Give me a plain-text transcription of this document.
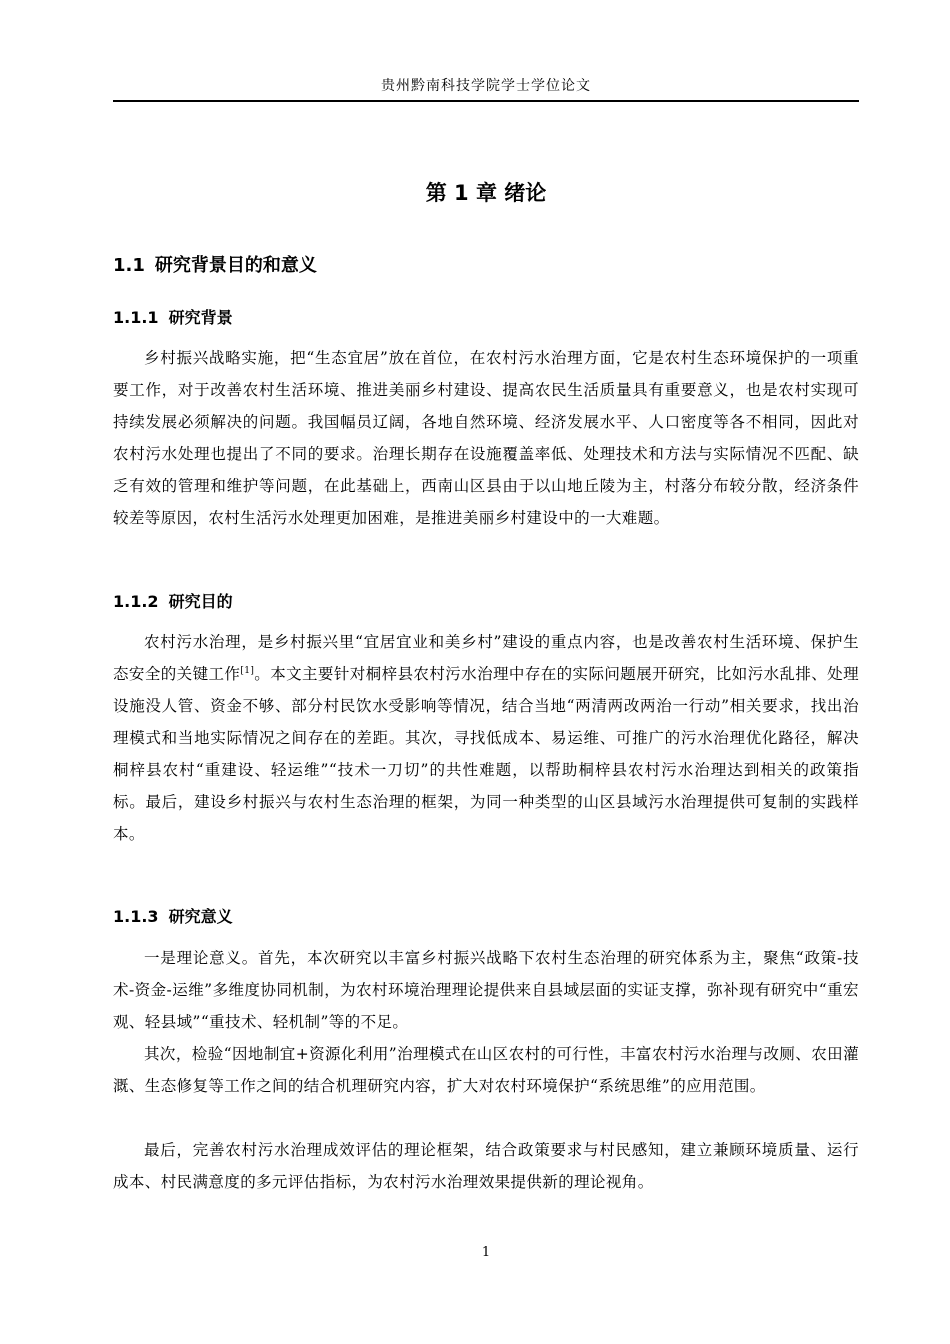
贵州黔南科技学院学士学位论文
第 1 章 绪论
1.1 研究背景目的和意义
1.1.1 研究背景

乡村振兴战略实施，把“生态宜居”放在首位，在农村污水治理方面，它是农村生态环境保护的一项重要工作，对于改善农村生活环境、推进美丽乡村建设、提高农民生活质量具有重要意义，也是农村实现可持续发展必须解决的问题。我国幅员辽阔，各地自然环境、经济发展水平、人口密度等各不相同，因此对农村污水处理也提出了不同的要求。治理长期存在设施覆盖率低、处理技术和方法与实际情况不匹配、缺乏有效的管理和维护等问题，在此基础上，西南山区县由于以山地丘陵为主，村落分布较分散，经济条件较差等原因，农村生活污水处理更加困难，是推进美丽乡村建设中的一大难题。

1.1.2 研究目的

农村污水治理，是乡村振兴里“宜居宜业和美乡村”建设的重点内容，也是改善农村生活环境、保护生态安全的关键工作[1]。本文主要针对桐梓县农村污水治理中存在的实际问题展开研究，比如污水乱排、处理设施没人管、资金不够、部分村民饮水受影响等情况，结合当地“两清两改两治一行动”相关要求，找出治理模式和当地实际情况之间存在的差距。其次，寻找低成本、易运维、可推广的污水治理优化路径，解决桐梓县农村“重建设、轻运维”“技术一刀切”的共性难题，以帮助桐梓县农村污水治理达到相关的政策指标。最后，建设乡村振兴与农村生态治理的框架，为同一种类型的山区县域污水治理提供可复制的实践样本。

1.1.3 研究意义

一是理论意义。首先，本次研究以丰富乡村振兴战略下农村生态治理的研究体系为主，聚焦“政策-技术-资金-运维”多维度协同机制，为农村环境治理理论提供来自县域层面的实证支撑，弥补现有研究中“重宏观、轻县域”“重技术、轻机制”等的不足。

其次，检验“因地制宜+资源化利用”治理模式在山区农村的可行性，丰富农村污水治理与改厕、农田灌溉、生态修复等工作之间的结合机理研究内容，扩大对农村环境保护“系统思维”的应用范围。

最后，完善农村污水治理成效评估的理论框架，结合政策要求与村民感知，建立兼顾环境质量、运行成本、村民满意度的多元评估指标，为农村污水治理效果提供新的理论视角。

1
